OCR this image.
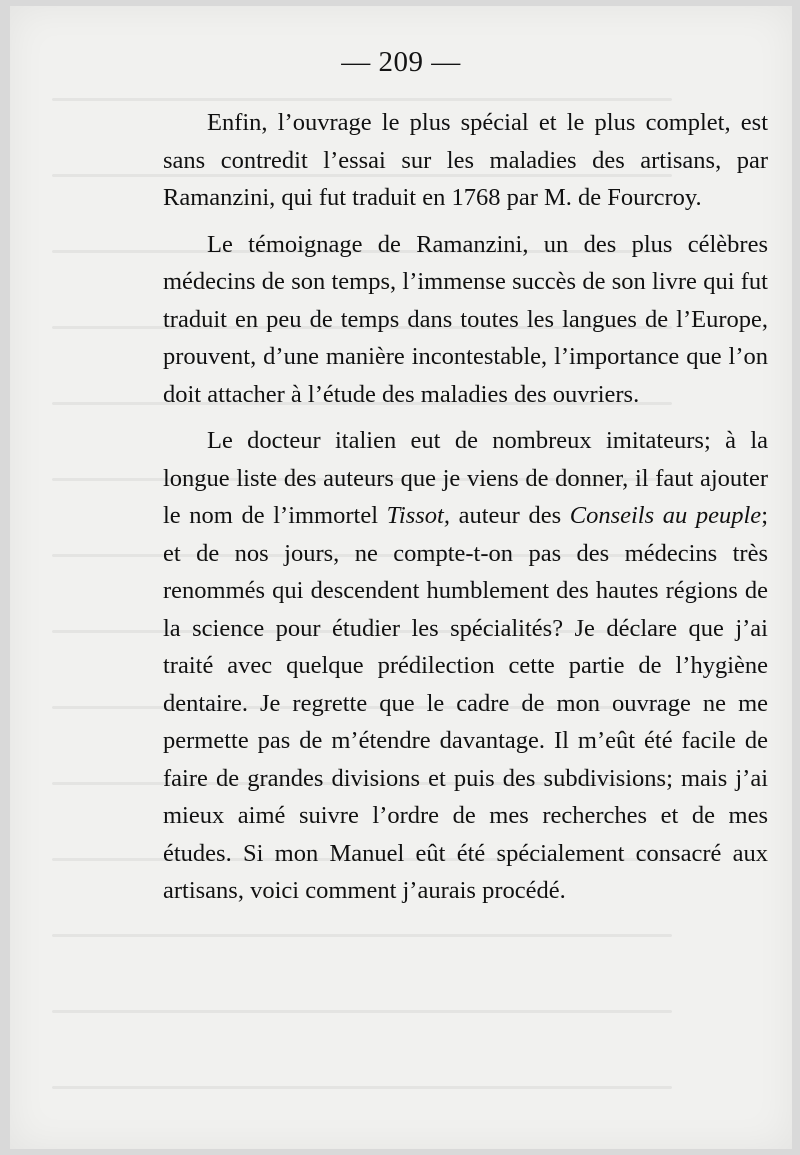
— 209 —

Enfin, l’ouvrage le plus spécial et le plus complet, est sans contredit l’essai sur les maladies des artisans, par Ramanzini, qui fut traduit en 1768 par M. de Fourcroy.

Le témoignage de Ramanzini, un des plus célèbres médecins de son temps, l’immense succès de son livre qui fut traduit en peu de temps dans toutes les langues de l’Europe, prouvent, d’une manière incontestable, l’importance que l’on doit attacher à l’étude des maladies des ouvriers.

Le docteur italien eut de nombreux imitateurs; à la longue liste des auteurs que je viens de donner, il faut ajouter le nom de l’immortel Tissot, auteur des Conseils au peuple; et de nos jours, ne compte-t-on pas des médecins très renommés qui descendent humblement des hautes régions de la science pour étudier les spécialités? Je déclare que j’ai traité avec quelque prédilection cette partie de l’hygiène dentaire. Je regrette que le cadre de mon ouvrage ne me permette pas de m’étendre davantage. Il m’eût été facile de faire de grandes divisions et puis des subdivisions; mais j’ai mieux aimé suivre l’ordre de mes recherches et de mes études. Si mon Manuel eût été spécialement consacré aux artisans, voici comment j’aurais procédé.
